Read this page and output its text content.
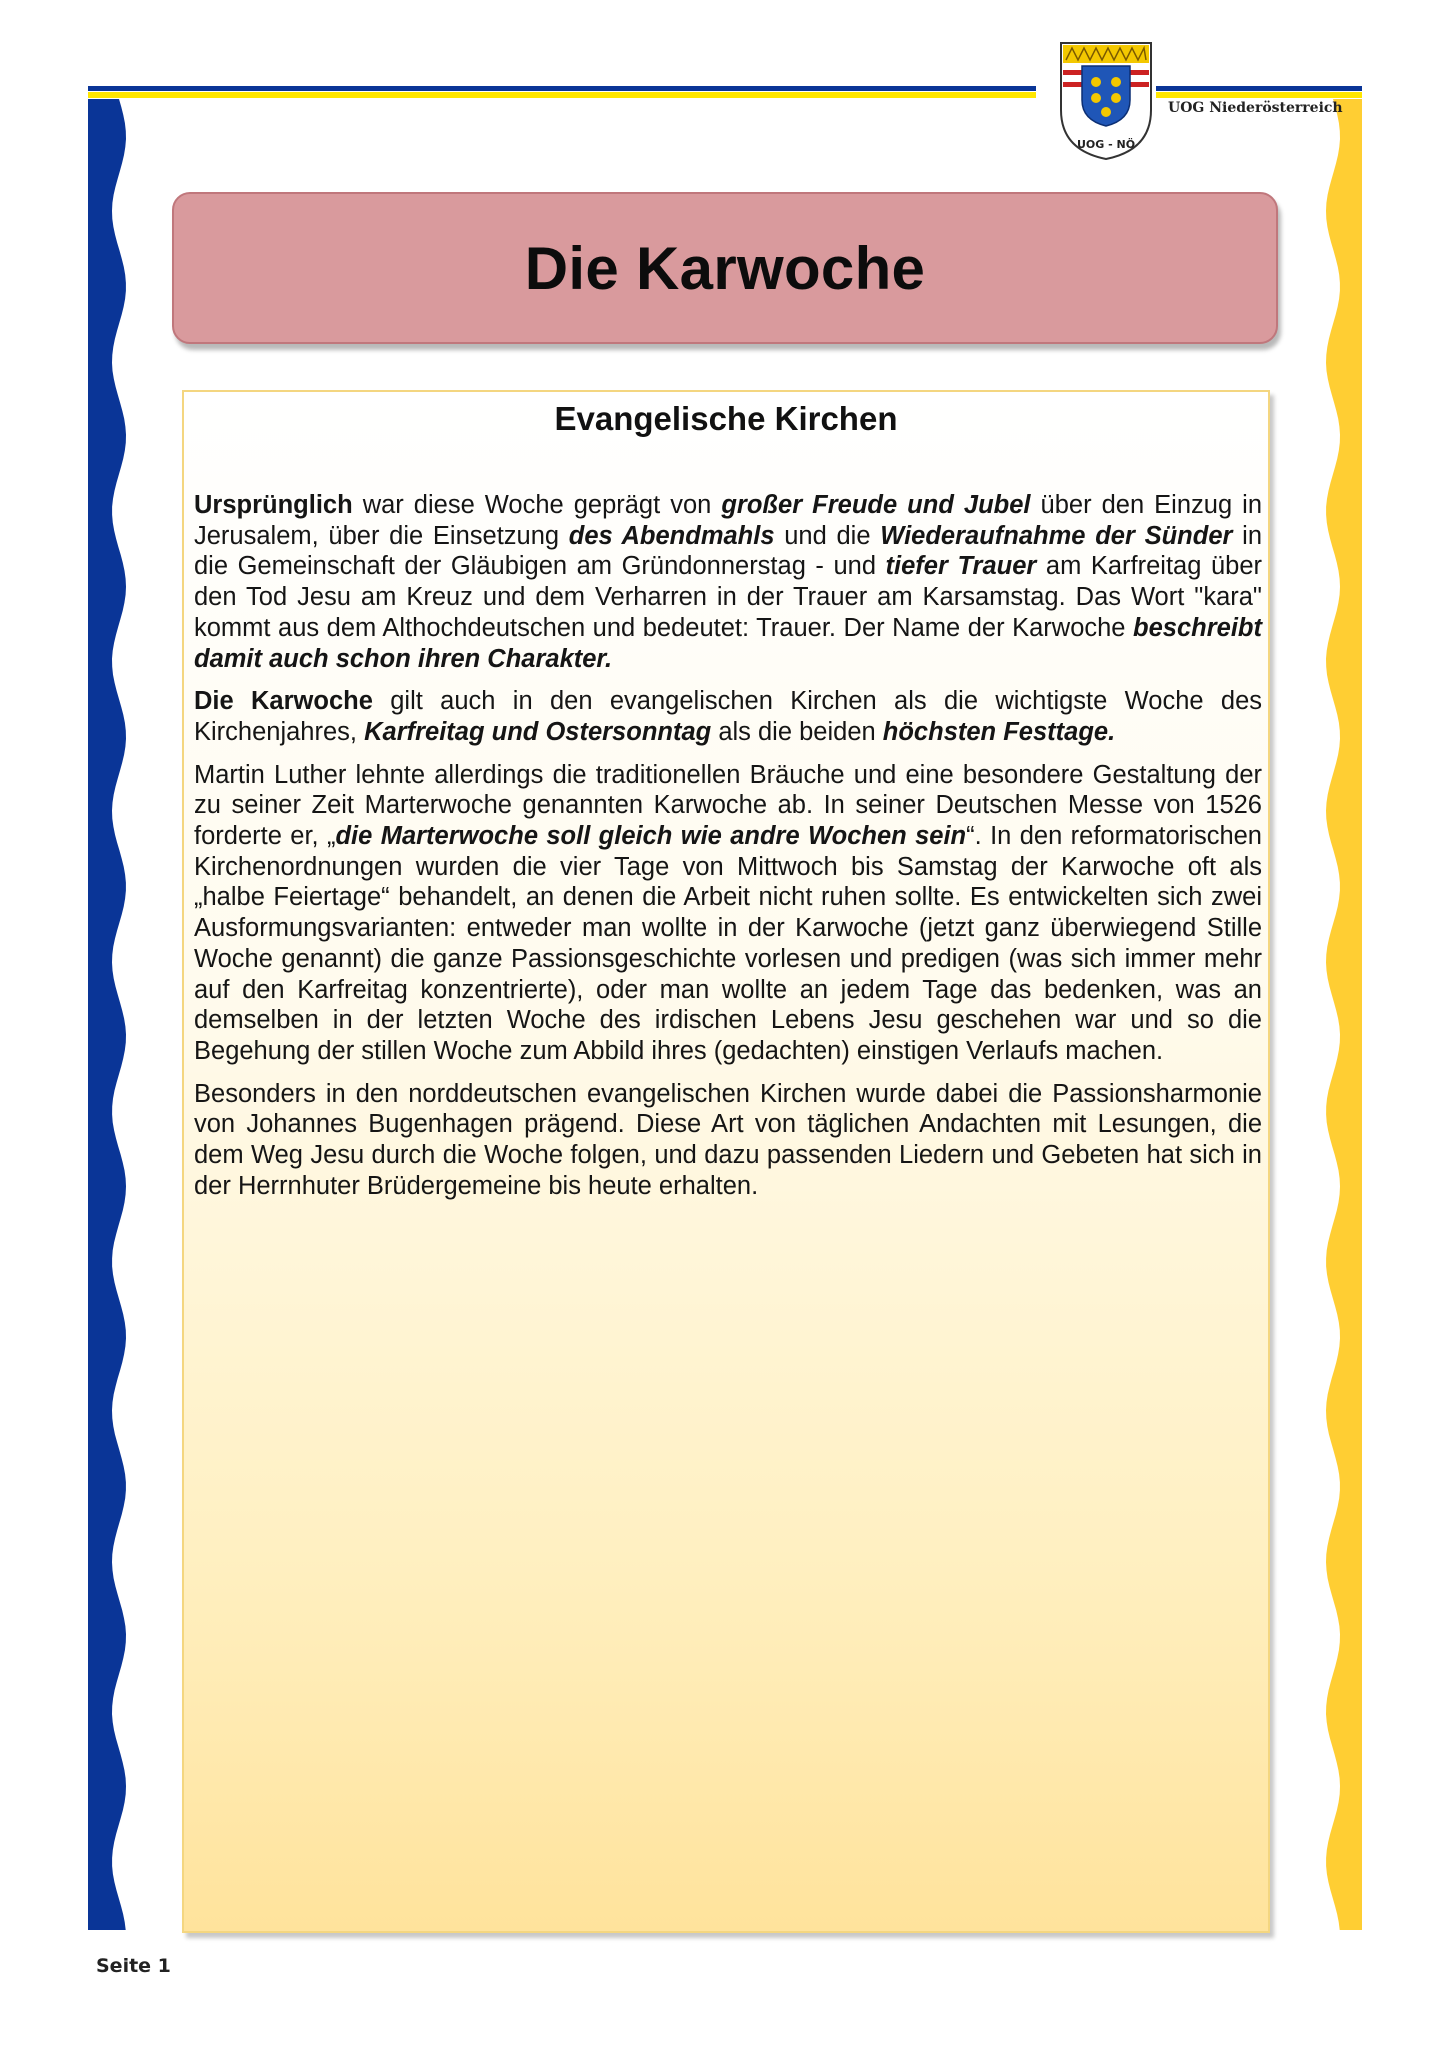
UOG - NÖ
UOG Niederösterreich
Die Karwoche
Evangelische Kirchen

Ursprünglich war diese Woche geprägt von großer Freude und Jubel über den Einzug in Jerusalem, über die Einsetzung des Abendmahls und die Wiederaufnahme der Sünder in die Gemeinschaft der Gläubigen am Gründonnerstag - und tiefer Trauer am Karfreitag über den Tod Jesu am Kreuz und dem Verharren in der Trauer am Karsamstag. Das Wort "kara" kommt aus dem Althochdeutschen und bedeutet: Trauer. Der Name der Karwoche beschreibt damit auch schon ihren Charakter.

Die Karwoche gilt auch in den evangelischen Kirchen als die wichtigste Woche des Kirchenjahres, Karfreitag und Ostersonntag als die beiden höchsten Festtage.

Martin Luther lehnte allerdings die traditionellen Bräuche und eine besondere Gestaltung der zu seiner Zeit Marterwoche genannten Karwoche ab. In seiner Deutschen Messe von 1526 forderte er, „die Marterwoche soll gleich wie andre Wochen sein“. In den reformatorischen Kirchenordnungen wurden die vier Tage von Mittwoch bis Samstag der Karwoche oft als „halbe Feiertage“ behandelt, an denen die Arbeit nicht ruhen sollte. Es entwickelten sich zwei Ausformungsvarianten: entweder man wollte in der Karwoche (jetzt ganz überwiegend Stille Woche genannt) die ganze Passionsgeschichte vorlesen und predigen (was sich immer mehr auf den Karfreitag konzentrierte), oder man wollte an jedem Tage das bedenken, was an demselben in der letzten Woche des irdischen Lebens Jesu geschehen war und so die Begehung der stillen Woche zum Abbild ihres (gedachten) einstigen Verlaufs machen.

Besonders in den norddeutschen evangelischen Kirchen wurde dabei die Passionsharmonie von Johannes Bugenhagen prägend. Diese Art von täglichen Andachten mit Lesungen, die dem Weg Jesu durch die Woche folgen, und dazu passenden Liedern und Gebeten hat sich in der Herrnhuter Brüdergemeine bis heute erhalten.

Seite 1
